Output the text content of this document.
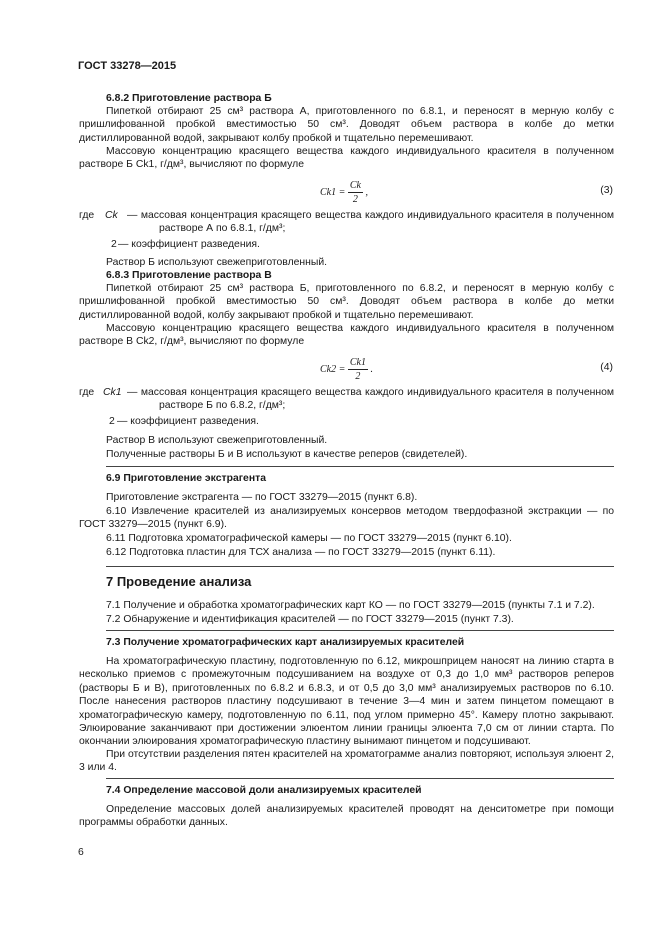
ГОСТ 33278—2015
6.8.2 Приготовление раствора Б

Пипеткой отбирают 25 см³ раствора А, приготовленного по 6.8.1, и переносят в мерную колбу с пришлифованной пробкой вместимостью 50 см³. Доводят объем раствора в колбе до метки дистиллированной водой, закрывают колбу пробкой и тщательно перемешивают.

Массовую концентрацию красящего вещества каждого индивидуального красителя в полученном растворе Б Ck1, г/дм³, вычисляют по формуле

$Ck1 = \frac{Ck}{2}$ ,	(3)
где Ck — массовая концентрация красящего вещества каждого индивидуального красителя в полученном растворе А по 6.8.1, г/дм³;
2 — коэффициент разведения.

Раствор Б используют свежеприготовленный.

6.8.3 Приготовление раствора В

Пипеткой отбирают 25 см³ раствора Б, приготовленного по 6.8.2, и переносят в мерную колбу с пришлифованной пробкой вместимостью 50 см³. Доводят объем раствора в колбе до метки дистиллированной водой, колбу закрывают пробкой и тщательно перемешивают.

Массовую концентрацию красящего вещества каждого индивидуального красителя в полученном растворе В Ck2, г/дм³, вычисляют по формуле

$Ck2 = \frac{Ck1}{2}$ .	(4)
где Ck1 — массовая концентрация красящего вещества каждого индивидуального красителя в полученном растворе Б по 6.8.2, г/дм³;
2 — коэффициент разведения.

Раствор В используют свежеприготовленный.

Полученные растворы Б и В используют в качестве реперов (свидетелей).

6.9 Приготовление экстрагента

Приготовление экстрагента — по ГОСТ 33279—2015 (пункт 6.8).

6.10 Извлечение красителей из анализируемых консервов методом твердофазной экстракции — по ГОСТ 33279—2015 (пункт 6.9).

6.11 Подготовка хроматографической камеры — по ГОСТ 33279—2015 (пункт 6.10).

6.12 Подготовка пластин для ТСХ анализа — по ГОСТ 33279—2015 (пункт 6.11).

7 Проведение анализа

7.1 Получение и обработка хроматографических карт КО — по ГОСТ 33279—2015 (пункты 7.1 и 7.2).

7.2 Обнаружение и идентификация красителей — по ГОСТ 33279—2015 (пункт 7.3).

7.3 Получение хроматографических карт анализируемых красителей

На хроматографическую пластину, подготовленную по 6.12, микрошприцем наносят на линию старта в несколько приемов с промежуточным подсушиванием на воздухе от 0,3 до 1,0 мм³ растворов реперов (растворы Б и В), приготовленных по 6.8.2 и 6.8.3, и от 0,5 до 3,0 мм³ анализируемых растворов по 6.10. После нанесения растворов пластину подсушивают в течение 3—4 мин и затем пинцетом помещают в хроматографическую камеру, подготовленную по 6.11, под углом примерно 45°. Камеру плотно закрывают. Элюирование заканчивают при достижении элюентом линии границы элюента 7,0 см от линии старта. По окончании элюирования хроматографическую пластину вынимают пинцетом и подсушивают.

При отсутствии разделения пятен красителей на хроматограмме анализ повторяют, используя элюент 2, 3 или 4.

7.4 Определение массовой доли анализируемых красителей

Определение массовых долей анализируемых красителей проводят на денситометре при помощи программы обработки данных.

6
